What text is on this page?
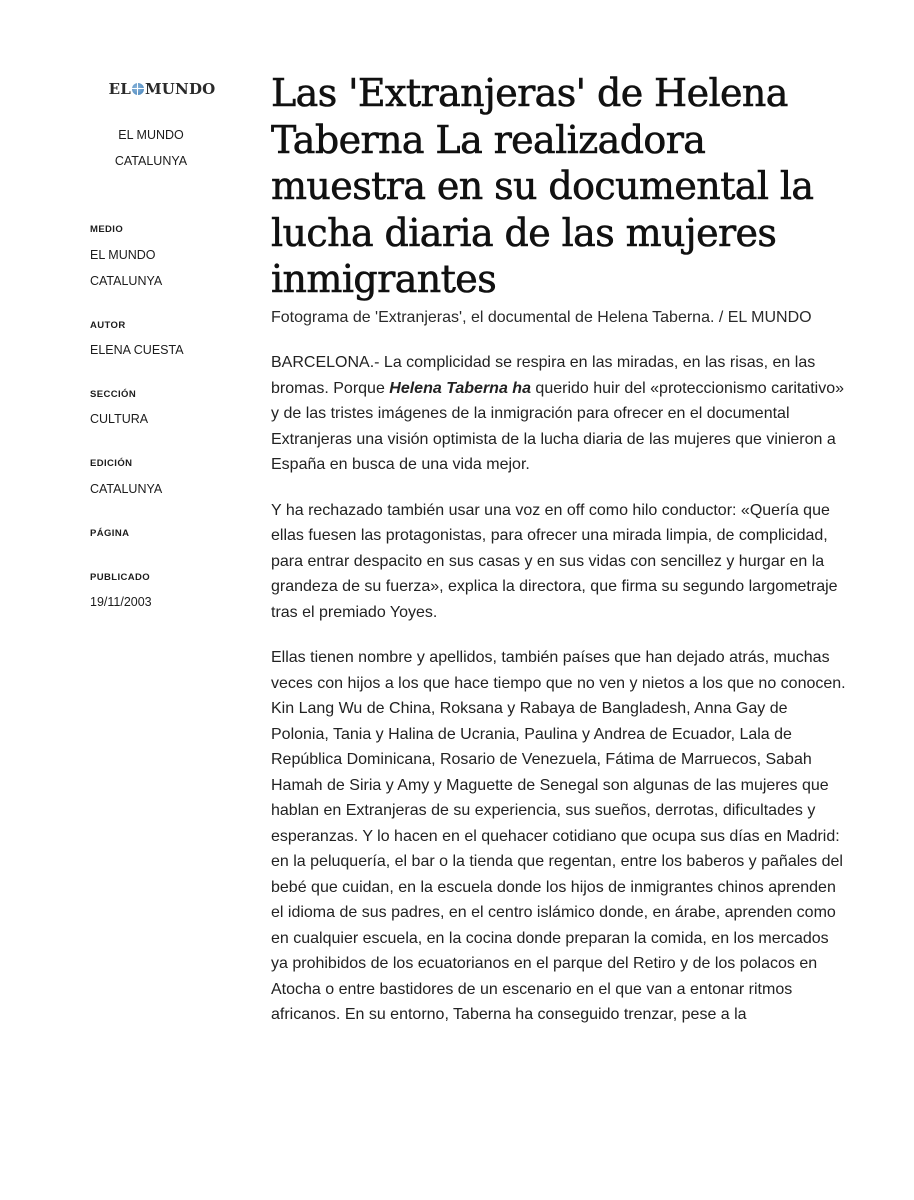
EL MUNDO
EL MUNDO
CATALUNYA
MEDIO
EL MUNDO
CATALUNYA
AUTOR
ELENA CUESTA
SECCIÓN
CULTURA
EDICIÓN
CATALUNYA
PÁGINA
PUBLICADO
19/11/2003
Las 'Extranjeras' de Helena Taberna La realizadora muestra en su documental la lucha diaria de las mujeres inmigrantes

Fotograma de 'Extranjeras', el documental de Helena Taberna. / EL MUNDO

BARCELONA.- La complicidad se respira en las miradas, en las risas, en las bromas. Porque Helena Taberna ha querido huir del «proteccionismo caritativo» y de las tristes imágenes de la inmigración para ofrecer en el documental Extranjeras una visión optimista de la lucha diaria de las mujeres que vinieron a España en busca de una vida mejor.

Y ha rechazado también usar una voz en off como hilo conductor: «Quería que ellas fuesen las protagonistas, para ofrecer una mirada limpia, de complicidad, para entrar despacito en sus casas y en sus vidas con sencillez y hurgar en la grandeza de su fuerza», explica la directora, que firma su segundo largometraje tras el premiado Yoyes.

Ellas tienen nombre y apellidos, también países que han dejado atrás, muchas veces con hijos a los que hace tiempo que no ven y nietos a los que no conocen. Kin Lang Wu de China, Roksana y Rabaya de Bangladesh, Anna Gay de Polonia, Tania y Halina de Ucrania, Paulina y Andrea de Ecuador, Lala de República Dominicana, Rosario de Venezuela, Fátima de Marruecos, Sabah Hamah de Siria y Amy y Maguette de Senegal son algunas de las mujeres que hablan en Extranjeras de su experiencia, sus sueños, derrotas, dificultades y esperanzas. Y lo hacen en el quehacer cotidiano que ocupa sus días en Madrid: en la peluquería, el bar o la tienda que regentan, entre los baberos y pañales del bebé que cuidan, en la escuela donde los hijos de inmigrantes chinos aprenden el idioma de sus padres, en el centro islámico donde, en árabe, aprenden como en cualquier escuela, en la cocina donde preparan la comida, en los mercados ya prohibidos de los ecuatorianos en el parque del Retiro y de los polacos en Atocha o entre bastidores de un escenario en el que van a entonar ritmos africanos. En su entorno, Taberna ha conseguido trenzar, pese a la
